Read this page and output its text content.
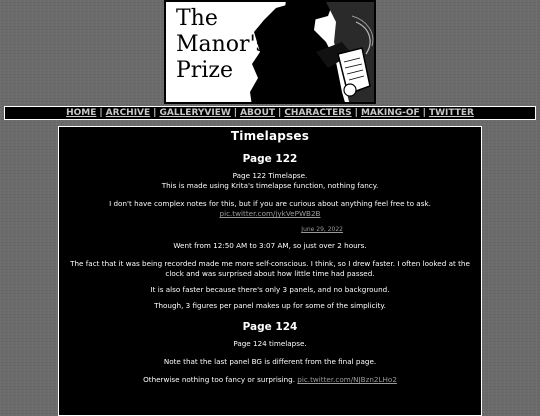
The
Manor's
Prize
HOME | ARCHIVE | GALLERYVIEW | ABOUT | CHARACTERS | MAKING-OF | TWITTER
Timelapses
Page 122

Page 122 Timelapse.

This is made using Krita's timelapse function, nothing fancy.

I don't have complex notes for this, but if you are curious about anything feel free to ask.

pic.twitter.com/jykVePWB2B

June 29, 2022

Went from 12:50 AM to 3:07 AM, so just over 2 hours.

The fact that it was being recorded made me more self-conscious. I think, so I drew faster. I often looked at the clock and was surprised about how little time had passed.

It is also faster because there's only 3 panels, and no background.

Though, 3 figures per panel makes up for some of the simplicity.

Page 124

Page 124 timelapse.

Note that the last panel BG is different from the final page.

Otherwise nothing too fancy or surprising. pic.twitter.com/NJBzn2LHo2
